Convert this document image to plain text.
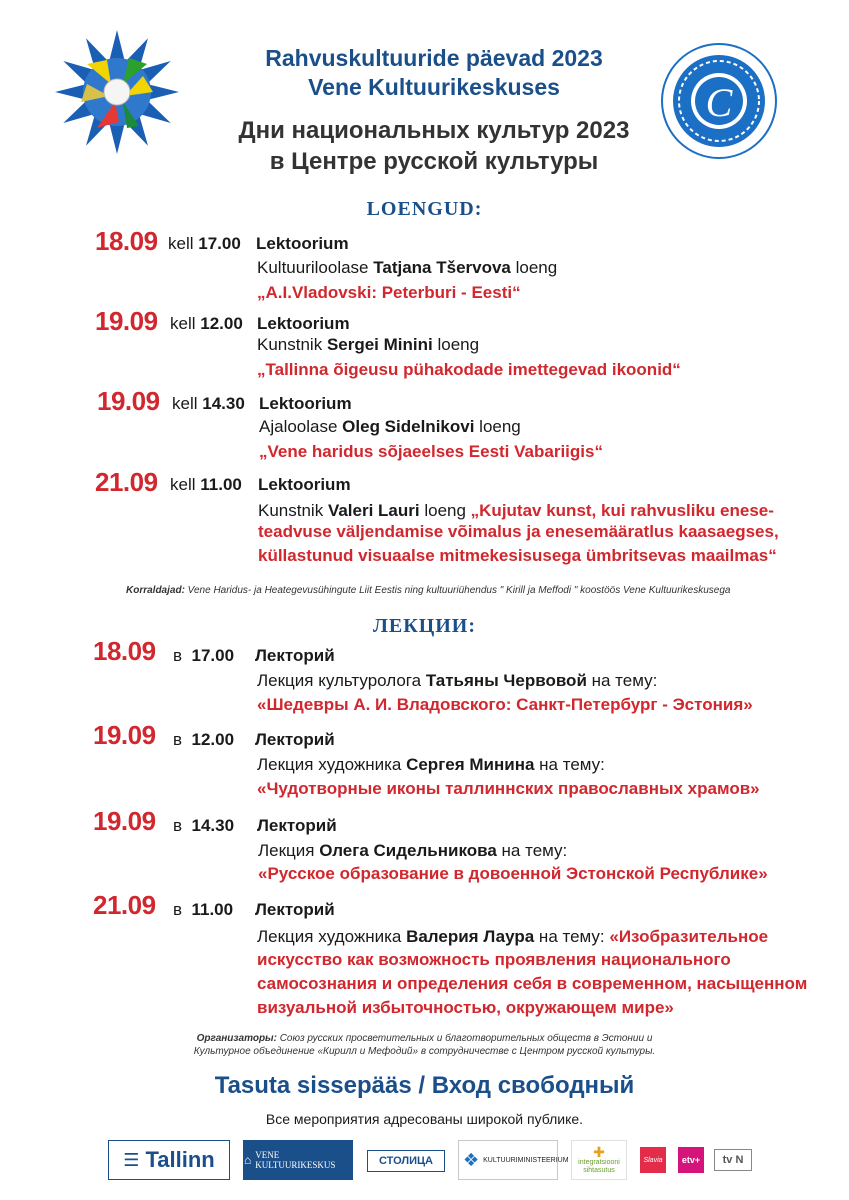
С
Rahvuskultuuride päevad 2023
Vene Kultuurikeskuses
Дни национальных культур 2023
в Центре русской культуры
LOENGUD:
18.09 kell 17.00 Lektoorium
Kultuuriloolase Tatjana Tšervova loeng
„A.I.Vladovski: Peterburi - Eesti“
19.09 kell 12.00 Lektoorium
Kunstnik Sergei Minini loeng
„Tallinna õigeusu pühakodade imettegevad ikoonid“
19.09 kell 14.30 Lektoorium
Ajaloolase Oleg Sidelnikovi loeng
„Vene haridus sõjaeelses Eesti Vabariigis“
21.09 kell 11.00 Lektoorium
Kunstnik Valeri Lauri loeng „Kujutav kunst, kui rahvusliku enese-
teadvuse väljendamise võimalus ja enesemääratlus kaasaegses,
küllastunud visuaalse mitmekesisusega ümbritsevas maailmas“
Korraldajad: Vene Haridus- ja Heategevusühingute Liit Eestis ning kultuuriühendus " Kirill ja Meffodi " koostöös Vene Kultuurikeskusega
ЛЕКЦИИ:
18.09 в 17.00 Лекторий
Лекция культуролога Татьяны Червовой на тему:
«Шедевры А. И. Владовского: Санкт-Петербург - Эстония»
19.09 в 12.00 Лекторий
Лекция художника Сергея Минина на тему:
«Чудотворные иконы таллиннских православных храмов»
19.09 в 14.30 Лекторий
Лекция Олега Сидельникова на тему:
«Русское образование в довоенной Эстонской Республике»
21.09 в 11.00 Лекторий
Лекция художника Валерия Лаура на тему: «Изобразительное
искусство как возможность проявления национального
самосознания и определения себя в современном, насыщенном
визуальной избыточностью, окружающем мире»
Организаторы: Союз русских просветительных и благотворительных обществ в Эстонии и
Культурное объединение «Кирилл и Мефодий» в сотрудничестве с Центром русской культуры.
Tasuta sissepääs / Вход свободный
Все мероприятия адресованы широкой публике.
☰ Tallinn ⌂ VENE KULTUURIKESKUS	СТОЛИЦА	❖ KULTUURIMINISTEERIUM ✚
integratsiooni sihtasutus
Slavia	etv+	tv N
